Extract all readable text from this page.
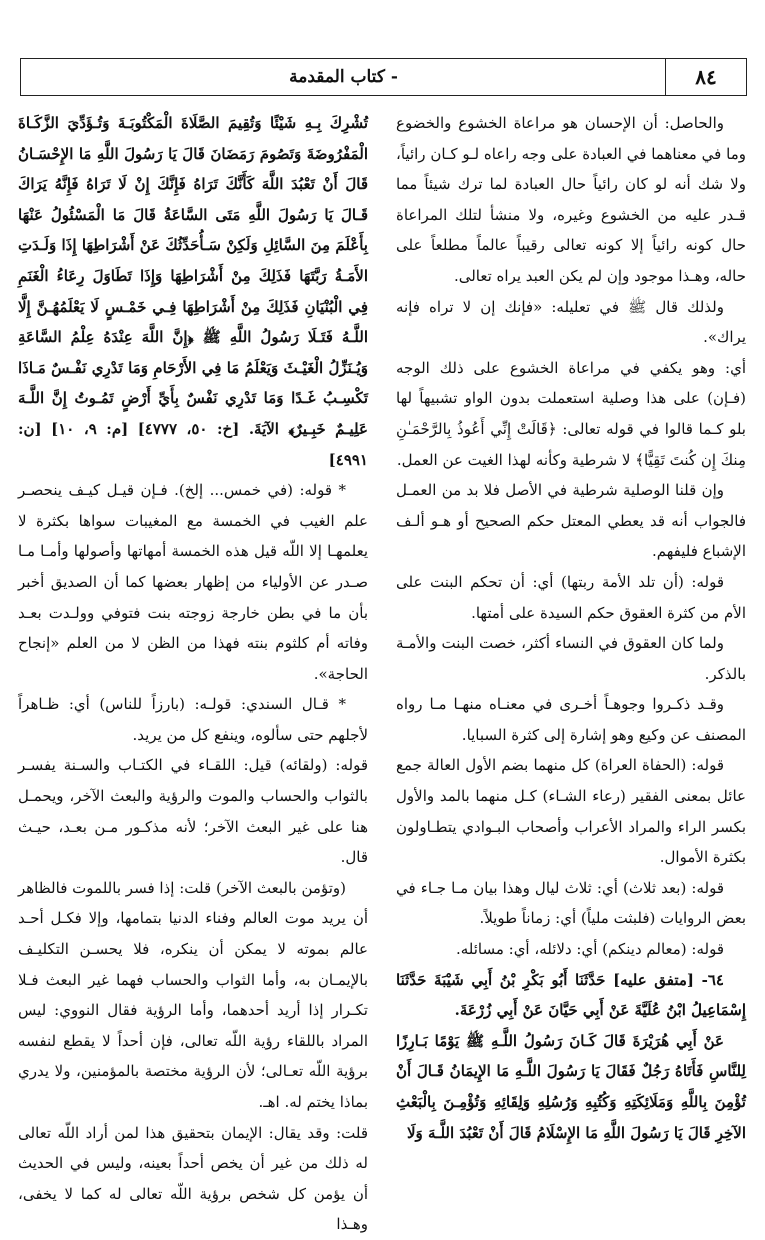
٨٤
- كتاب المقدمة

والحاصل: أن الإحسان هو مراعاة الخشوع والخضوع وما في معناهما في العبادة على وجه راعاه لـو كـان رائياً، ولا شك أنه لو كان رائياً حال العبادة لما ترك شيئاً مما قـدر عليه من الخشوع وغيره، ولا منشأ لتلك المراعاة حال كونه رائياً إلا كونه تعالى رقيباً عالماً مطلعاً على حاله، وهـذا موجود وإن لم يكن العبد يراه تعالى.

ولذلك قال ﷺ في تعليله: «فإنك إن لا تراه فإنه يراك».

أي: وهو يكفي في مراعاة الخشوع على ذلك الوجه (فـإن) على هذا وصلية استعملت بدون الواو تشبيهاً لها بلو كـما قالوا في قوله تعالى: ﴿قَالَتْ إِنِّي أَعُوذُ بِالرَّحْمَـٰنِ مِنكَ إِن كُنتَ تَقِيًّا﴾ لا شرطية وكأنه لهذا الغيت عن العمل.

وإن قلنا الوصلية شرطية في الأصل فلا بد من العمـل فالجواب أنه قد يعطي المعتل حكم الصحيح أو هـو ألـف الإشباع فليفهم.

قوله: (أن تلد الأمة ربتها) أي: أن تحكم البنت على الأم من كثرة العقوق حكم السيدة على أمتها.

ولما كان العقوق في النساء أكثر، خصت البنت والأمـة بالذكر.

وقـد ذكـروا وجوهـاً أخـرى في معنـاه منهـا مـا رواه المصنف عن وكيع وهو إشارة إلى كثرة السبايا.

قوله: (الحفاة العراة) كل منهما بضم الأول العالة جمع عائل بمعنى الفقير (رعاء الشـاء) كـل منهما بالمد والأول بكسر الراء والمراد الأعراب وأصحاب البـوادي يتطـاولون بكثرة الأموال.

قوله: (بعد ثلاث) أي: ثلاث ليال وهذا بيان مـا جـاء في بعض الروايات (فلبثت ملياً) أي: زماناً طويلاً.

قوله: (معالم دينكم) أي: دلائله، أي: مسائله.

٦٤- [متفق عليه] حَدَّثَنَا أَبُو بَكْرِ بْنُ أَبِي شَيْبَةَ حَدَّثَنَا إِسْمَاعِيلُ ابْنُ عُلَيَّةَ عَنْ أَبِي حَيَّانَ عَنْ أَبِي زُرْعَةَ.

عَنْ أَبِي هُرَيْرَةَ قَالَ كَـانَ رَسُولُ اللَّـهِ ﷺ يَوْمًا بَـارِزًا لِلنَّاسِ فَأَتَاهُ رَجُلٌ فَقَالَ يَا رَسُولَ اللَّـهِ مَا الإِيمَانُ قَـالَ أَنْ تُؤْمِنَ بِاللَّهِ وَمَلَائِكَتِهِ وَكُتُبِهِ وَرُسُلِهِ وَلِقَائِهِ وَتُؤْمِـنَ بِالْبَعْثِ الآخِرِ قَالَ يَا رَسُولَ اللَّهِ مَا الإِسْلَامُ قَالَ أَنْ تَعْبُدَ اللَّـهَ وَلَا

تُشْرِكَ بِـهِ شَيْئًا وَتُقِيمَ الصَّلَاةَ الْمَكْتُوبَـةَ وَتُـؤَدِّيَ الزَّكَـاةَ الْمَفْرُوضَةَ وَتَصُومَ رَمَضَانَ قَالَ يَا رَسُولَ اللَّهِ مَا الإِحْسَـانُ قَالَ أَنْ تَعْبُدَ اللَّهَ كَأَنَّكَ تَرَاهُ فَإِنَّكَ إِنْ لَا تَرَاهُ فَإِنَّهُ يَرَاكَ قَـالَ يَا رَسُولَ اللَّهِ مَتَى السَّاعَةُ قَالَ مَا الْمَسْئُولُ عَنْهَا بِأَعْلَمَ مِنَ السَّائِلِ وَلَكِنْ سَـأُحَدِّثُكَ عَنْ أَشْرَاطِهَا إِذَا وَلَـدَتِ الأَمَـةُ رَبَّتَهَا فَذَلِكَ مِنْ أَشْرَاطِهَا وَإِذَا تَطَاوَلَ رِعَاءُ الْغَنَمِ فِي الْبُنْيَانِ فَذَلِكَ مِنْ أَشْرَاطِهَا فِـي خَمْـسٍ لَا يَعْلَمُهُـنَّ إِلَّا اللَّـهُ فَتَـلَا رَسُولُ اللَّهِ ﷺ ﴿إِنَّ اللَّهَ عِنْدَهُ عِلْمُ السَّاعَةِ وَيُـنَزِّلُ الْغَيْـثَ وَيَعْلَمُ مَا فِي الأَرْحَامِ وَمَا تَدْرِي نَفْـسٌ مَـاذَا تَكْسِـبُ غَـدًا وَمَا تَدْرِي نَفْسٌ بِأَيِّ أَرْضٍ تَمُـوتُ إِنَّ اللَّـهَ عَلِيـمٌ خَبِـيرٌ﴾ الآيَةَ. [خ: ٥٠، ٤٧٧٧] [م: ٩، ١٠] [ن: ٤٩٩١]

* قوله: (في خمس... إلخ). فـإن قيـل كيـف ينحصـر علم الغيب في الخمسة مع المغيبات سواها بكثرة لا يعلمهـا إلا اللّه قيل هذه الخمسة أمهاتها وأصولها وأمـا مـا صـدر عن الأولياء من إظهار بعضها كما أن الصديق أخبر بأن ما في بطن خارجة زوجته بنت فتوفي وولـدت بعـد وفاته أم كلثوم بنته فهذا من الظن لا من العلم «إنجاح الحاجة».

* قـال السندي: قولـه: (بارزاً للناس) أي: ظـاهراً لأجلهم حتى سألوه، وينفع كل من يريد.

قوله: (ولقائه) قيل: اللقـاء في الكتـاب والسـنة يفسـر بالثواب والحساب والموت والرؤية والبعث الآخر، ويحمـل هنا على غير البعث الآخر؛ لأنه مذكـور مـن بعـد، حيـث قال.

(وتؤمن بالبعث الآخر) قلت: إذا فسر باللموت فالظاهر أن يريد موت العالم وفناء الدنيا بتمامها، وإلا فكـل أحـد عالم بموته لا يمكن أن ينكره، فلا يحسـن التكليـف بالإيمـان به، وأما الثواب والحساب فهما غير البعث فـلا تكـرار إذا أريد أحدهما، وأما الرؤية فقال النووي: ليس المراد باللقاء رؤية اللّه تعالى، فإن أحداً لا يقطع لنفسه برؤية اللّه تعـالى؛ لأن الرؤية مختصة بالمؤمنين، ولا يدري بماذا يختم له. اهـ.

قلت: وقد يقال: الإيمان بتحقيق هذا لمن أراد اللّه تعالى له ذلك من غير أن يخص أحداً بعينه، وليس في الحديث أن يؤمن كل شخص برؤية اللّه تعالى له كما لا يخفى، وهـذا
